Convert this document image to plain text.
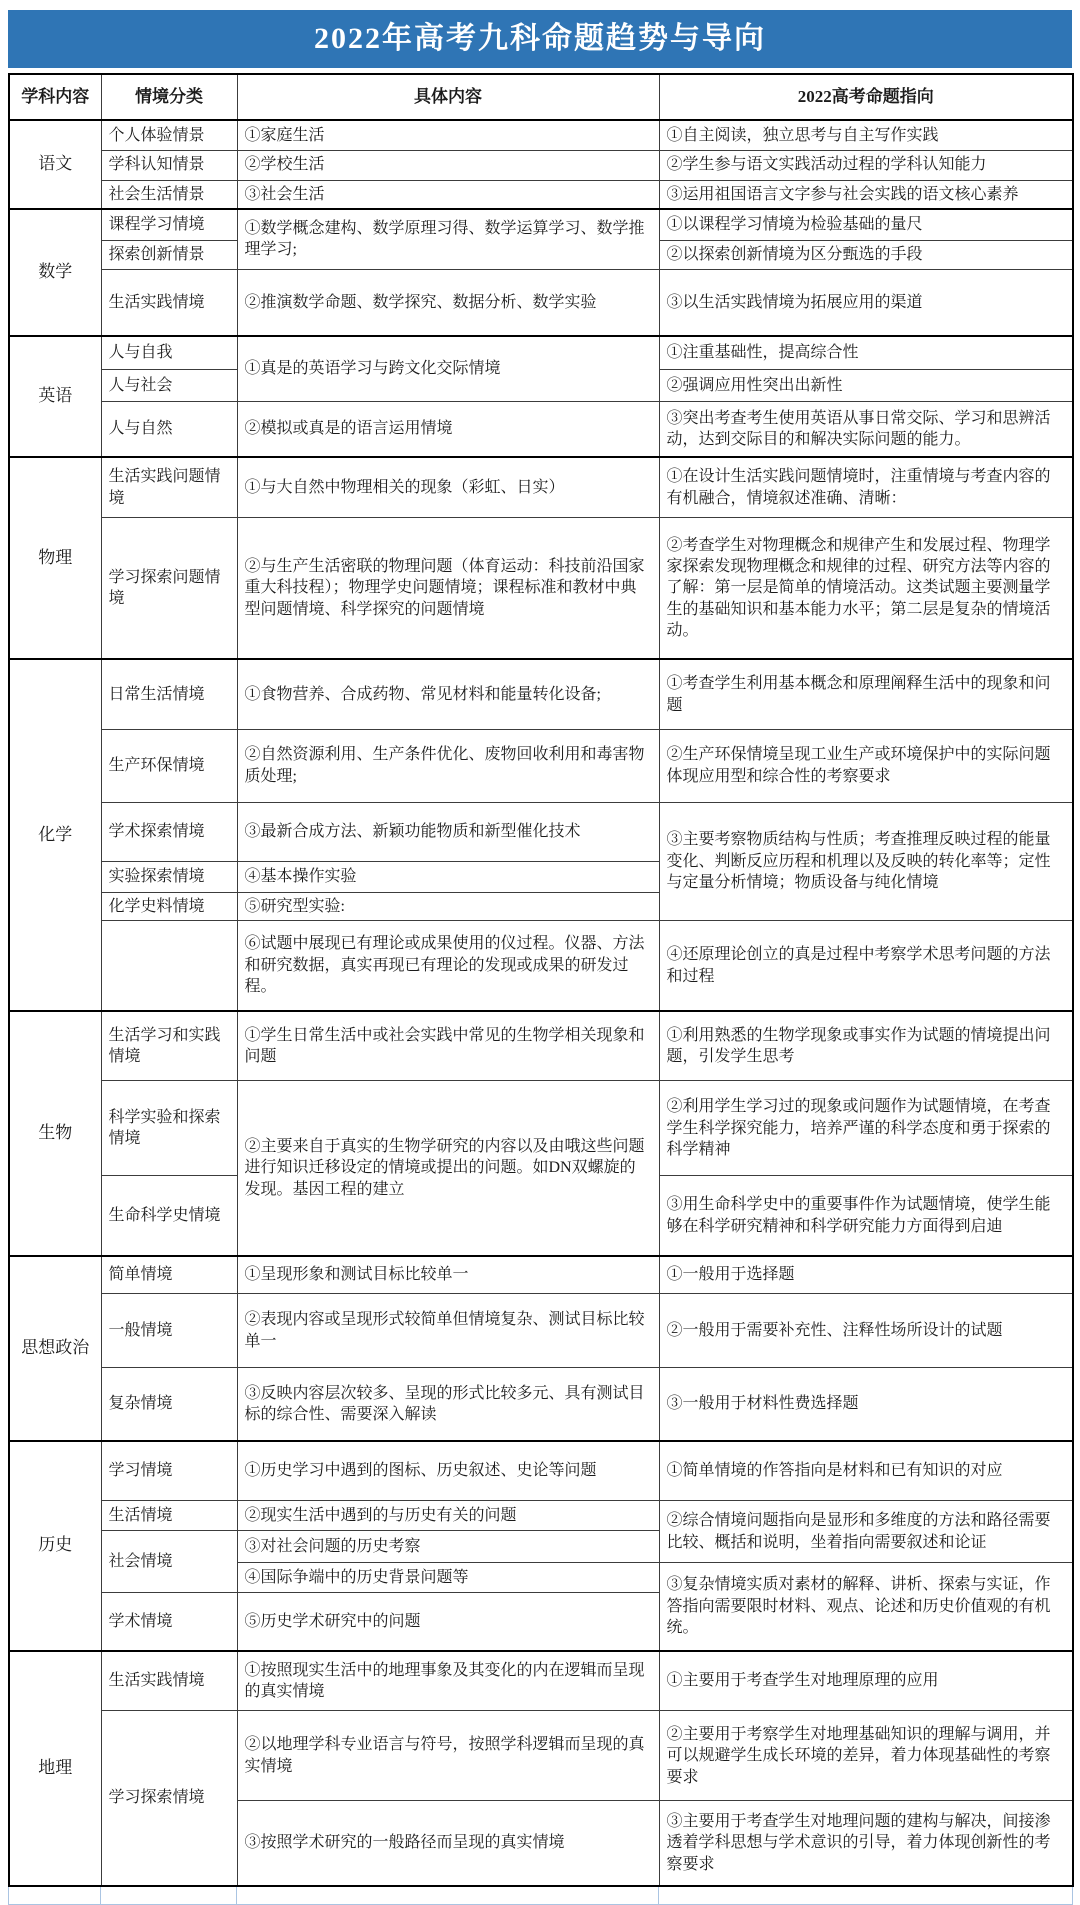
2022年高考九科命题趋势与导向
学科内容	情境分类	具体内容	2022高考命题指向
语文	个人体验情景	①家庭生活	①自主阅读，独立思考与自主写作实践
	学科认知情景	②学校生活	②学生参与语文实践活动过程的学科认知能力
	社会生活情景	③社会生活	③运用祖国语言文字参与社会实践的语文核心素养
数学	课程学习情境	①数学概念建构、数学原理习得、数学运算学习、数学推理学习;	①以课程学习情境为检验基础的量尺
	探索创新情景		②以探索创新情境为区分甄选的手段
	生活实践情境	②推演数学命题、数学探究、数据分析、数学实验	③以生活实践情境为拓展应用的渠道
英语	人与自我	①真是的英语学习与跨文化交际情境	①注重基础性，提高综合性
	人与社会		②强调应用性突出出新性
	人与自然	②模拟或真是的语言运用情境	③突出考查考生使用英语从事日常交际、学习和思辨活动，达到交际目的和解决实际问题的能力。
物理	生活实践问题情境	①与大自然中物理相关的现象（彩虹、日实）	①在设计生活实践问题情境时，注重情境与考查内容的有机融合，情境叙述准确、清晰：
	学习探索问题情境	②与生产生活密联的物理问题（体育运动：科技前沿国家重大科技程）；物理学史问题情境；课程标准和教材中典型问题情境、科学探究的问题情境	②考查学生对物理概念和规律产生和发展过程、物理学家探索发现物理概念和规律的过程、研究方法等内容的了解：第一层是简单的情境活动。这类试题主要测量学生的基础知识和基本能力水平；第二层是复杂的情境活动。
化学	日常生活情境	①食物营养、合成药物、常见材料和能量转化设备;	①考查学生利用基本概念和原理阐释生活中的现象和问题
	生产环保情境	②自然资源利用、生产条件优化、废物回收利用和毒害物质处理;	②生产环保情境呈现工业生产或环境保护中的实际问题体现应用型和综合性的考察要求
	学术探索情境	③最新合成方法、新颖功能物质和新型催化技术	③主要考察物质结构与性质；考查推理反映过程的能量变化、判断反应历程和机理以及反映的转化率等；定性与定量分析情境；物质设备与纯化情境
	实验探索情境	④基本操作实验	
	化学史料情境	⑤研究型实验:	
		⑥试题中展现已有理论或成果使用的仪过程。仪器、方法和研究数据，真实再现已有理论的发现或成果的研发过程。	④还原理论创立的真是过程中考察学术思考问题的方法和过程
生物	生活学习和实践情境	①学生日常生活中或社会实践中常见的生物学相关现象和问题	①利用熟悉的生物学现象或事实作为试题的情境提出问题，引发学生思考
	科学实验和探索情境	②主要来自于真实的生物学研究的内容以及由哦这些问题进行知识迁移设定的情境或提出的问题。如DN双螺旋的发现。基因工程的建立	②利用学生学习过的现象或问题作为试题情境，在考查学生科学探究能力，培养严谨的科学态度和勇于探索的科学精神
	生命科学史情境		③用生命科学史中的重要事件作为试题情境，使学生能够在科学研究精神和科学研究能力方面得到启迪
思想政治	简单情境	①呈现形象和测试目标比较单一	①一般用于选择题
	一般情境	②表现内容或呈现形式较简单但情境复杂、测试目标比较单一	②一般用于需要补充性、注释性场所设计的试题
	复杂情境	③反映内容层次较多、呈现的形式比较多元、具有测试目标的综合性、需要深入解读	③一般用于材料性费选择题
历史	学习情境	①历史学习中遇到的图标、历史叙述、史论等问题	①简单情境的作答指向是材料和已有知识的对应
	生活情境	②现实生活中遇到的与历史有关的问题	②综合情境问题指向是显形和多维度的方法和路径需要比较、概括和说明，坐着指向需要叙述和论证
	社会情境	③对社会问题的历史考察	
		④国际争端中的历史背景问题等	③复杂情境实质对素材的解释、讲析、探索与实证，作答指向需要限时材料、观点、论述和历史价值观的有机统。
	学术情境	⑤历史学术研究中的问题	
地理	生活实践情境	①按照现实生活中的地理事象及其变化的内在逻辑而呈现的真实情境	①主要用于考查学生对地理原理的应用
	学习探索情境	②以地理学科专业语言与符号，按照学科逻辑而呈现的真实情境	②主要用于考察学生对地理基础知识的理解与调用，并可以规避学生成长环境的差异，着力体现基础性的考察要求
		③按照学术研究的一般路径而呈现的真实情境	③主要用于考查学生对地理问题的建构与解决，间接渗透着学科思想与学术意识的引导，着力体现创新性的考察要求
